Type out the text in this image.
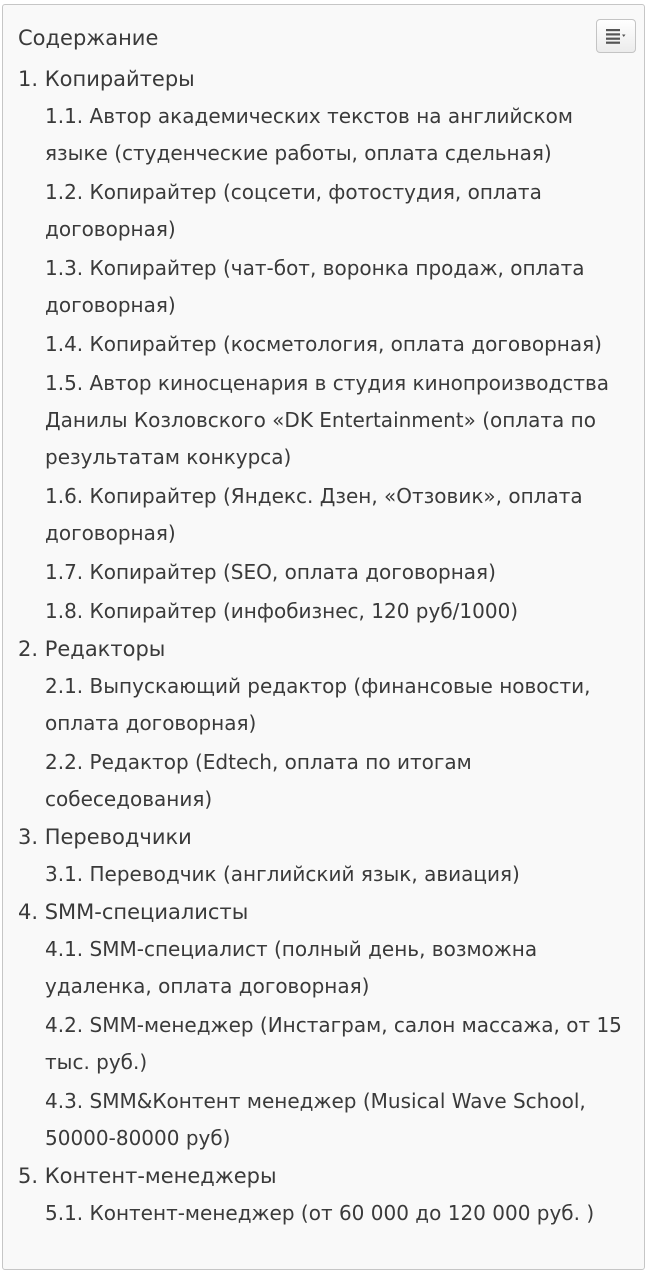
Содержание
1. Копирайтеры
1.1. Автор академических текстов на английском языке (студенческие работы, оплата сдельная)
1.2. Копирайтер (соцсети, фотостудия, оплата договорная)
1.3. Копирайтер (чат-бот, воронка продаж, оплата договорная)
1.4. Копирайтер (косметология, оплата договорная)
1.5. Автор киносценария в студия кинопроизводства Данилы Козловского «DK Entertainment» (оплата по результатам конкурса)
1.6. Копирайтер (Яндекс. Дзен, «Отзовик», оплата договорная)
1.7. Копирайтер (SEO, оплата договорная)
1.8. Копирайтер (инфобизнес, 120 руб/1000)
2. Редакторы
2.1. Выпускающий редактор (финансовые новости, оплата договорная)
2.2. Редактор (Edtech, оплата по итогам собеседования)
3. Переводчики
3.1. Переводчик (английский язык, авиация)
4. SMM-специалисты
4.1. SMM-специалист (полный день, возможна удаленка, оплата договорная)
4.2. SMM-менеджер (Инстаграм, салон массажа, от 15 тыс. руб.)
4.3. SMM&Контент менеджер (Musical Wave School, 50000-80000 руб)
5. Контент-менеджеры
5.1. Контент-менеджер (от 60 000 до 120 000 руб. )
